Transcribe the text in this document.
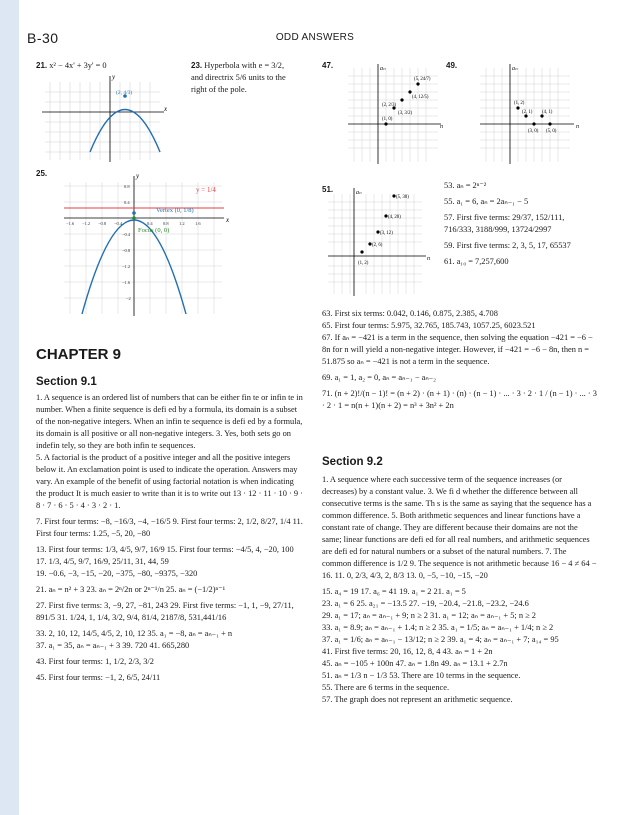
B-30	ODD ANSWERS
21. x² − 4x' + 3y' = 0
(2, 4/3)
x
y
23. Hyperbola with e = 3/2, and directrix 5/6 units to the right of the pole.
25.
y = 1/4
Vertex (0, 1/8)
Focus (0, 0)
x
y
−1.6 −1.2 −0.8 −0.4	0.4 0.8 1.2 1.6
0.8
0.4
−0.4
−0.8
−1.2
−1.6
−2
CHAPTER 9
Section 9.1

1. A sequence is an ordered list of numbers that can be either fin te or infin te in number. When a finite sequence is defi ed by a formula, its domain is a subset of the non-negative integers. When an infin te sequence is defi ed by a formula, its domain is all positive or all non-negative integers. 3. Yes, both sets go on indefin tely, so they are both infin te sequences.

5. A factorial is the product of a positive integer and all the positive integers below it. An exclamation point is used to indicate the operation. Answers may vary. An example of the benefit of using factorial notation is when indicating the product It is much easier to write than it is to write out 13 · 12 · 11 · 10 · 9 · 8 · 7 · 6 · 5 · 4 · 3 · 2 · 1.

7. First four terms: −8, −16/3, −4, −16/5 9. First four terms: 2, 1/2, 8/27, 1/4 11. First four terms: 1.25, −5, 20, −80

13. First four terms: 1/3, 4/5, 9/7, 16/9 15. First four terms: −4/5, 4, −20, 100 17. 1/3, 4/5, 9/7, 16/9, 25/11, 31, 44, 59

19. −0.6, −3, −15, −20, −375, −80, −9375, −320

21. aₙ = n² + 3 23. aₙ = 2ⁿ/2n or 2ⁿ⁻¹/n 25. aₙ = (−1/2)ⁿ⁻¹

27. First five terms: 3, −9, 27, −81, 243 29. First five terms: −1, 1, −9, 27/11, 891/5 31. 1/24, 1, 1/4, 3/2, 9/4, 81/4, 2187/8, 531,441/16

33. 2, 10, 12, 14/5, 4/5, 2, 10, 12 35. a₁ = −8, aₙ = aₙ₋₁ + n

37. a₁ = 35, aₙ = aₙ₋₁ + 3 39. 720 41. 665,280

43. First four terms: 1, 1/2, 2/3, 3/2

45. First four terms: −1, 2, 6/5, 24/11

47.
(1, 0)
(2, 2/3)
(3, 3/2)
(4, 12/5)
(5, 24/7)
n
aₙ	49.
(1, 2)
(2, 1) (4, 1)
(3, 0) (5, 0)
n
aₙ
51.
(1, 2)
(2, 6)
(3, 12)
(4, 20)
(5, 30)
n
aₙ

53. aₙ = 2ⁿ⁻²

55. a₁ = 6, aₙ = 2aₙ₋₁ − 5

57. First five terms: 29/37, 152/111, 716/333, 3188/999, 13724/2997

59. First five terms: 2, 3, 5, 17, 65537

61. a₁₀ = 7,257,600

63. First six terms: 0.042, 0.146, 0.875, 2.385, 4.708

65. First four terms: 5.975, 32.765, 185.743, 1057.25, 6023.521

67. If aₙ = −421 is a term in the sequence, then solving the equation −421 = −6 − 8n for n will yield a non-negative integer. However, if −421 = −6 − 8n, then n = 51.875 so aₙ = −421 is not a term in the sequence.

69. a₁ = 1, a₂ = 0, aₙ = aₙ₋₁ − aₙ₋₂

71. (n + 2)!/(n − 1)! = (n + 2) · (n + 1) · (n) · (n − 1) · ... · 3 · 2 · 1 / (n − 1) · ... · 3 · 2 · 1 = n(n + 1)(n + 2) = n³ + 3n² + 2n

Section 9.2

1. A sequence where each successive term of the sequence increases (or decreases) by a constant value. 3. We fi d whether the difference between all consecutive terms is the same. Th s is the same as saying that the sequence has a common difference. 5. Both arithmetic sequences and linear functions have a constant rate of change. They are different because their domains are not the same; linear functions are defi ed for all real numbers, and arithmetic sequences are defi ed for natural numbers or a subset of the natural numbers. 7. The common difference is 1/2 9. The sequence is not arithmetic because 16 − 4 ≠ 64 − 16. 11. 0, 2/3, 4/3, 2, 8/3 13. 0, −5, −10, −15, −20

15. a₄ = 19 17. a₆ = 41 19. a₁ = 2 21. a₁ = 5

23. a₁ = 6 25. a₂₁ = −13.5 27. −19, −20.4, −21.8, −23.2, −24.6

29. a₁ = 17; aₙ = aₙ₋₁ + 9; n ≥ 2 31. a₁ = 12; aₙ = aₙ₋₁ + 5; n ≥ 2

33. a₁ = 8.9; aₙ = aₙ₋₁ + 1.4; n ≥ 2 35. a₁ = 1/5; aₙ = aₙ₋₁ + 1/4; n ≥ 2

37. a₁ = 1/6; aₙ = aₙ₋₁ − 13/12; n ≥ 2 39. a₁ = 4; aₙ = aₙ₋₁ + 7; a₁₄ = 95

41. First five terms: 20, 16, 12, 8, 4 43. aₙ = 1 + 2n

45. aₙ = −105 + 100n 47. aₙ = 1.8n 49. aₙ = 13.1 + 2.7n

51. aₙ = 1/3 n − 1/3 53. There are 10 terms in the sequence.

55. There are 6 terms in the sequence.

57. The graph does not represent an arithmetic sequence.
